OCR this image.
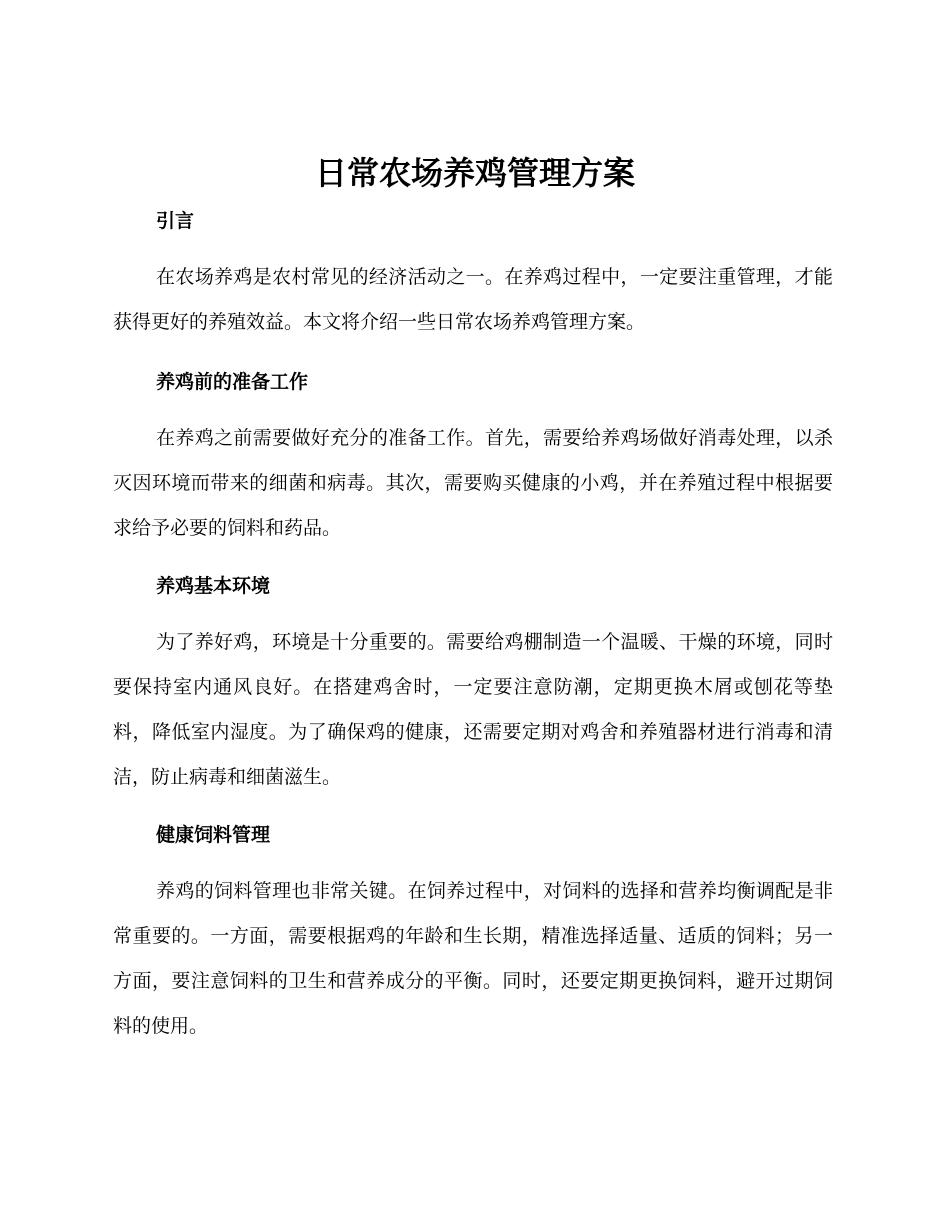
日常农场养鸡管理方案
引言

在农场养鸡是农村常见的经济活动之一。在养鸡过程中，一定要注重管理，才能获得更好的养殖效益。本文将介绍一些日常农场养鸡管理方案。

养鸡前的准备工作

在养鸡之前需要做好充分的准备工作。首先，需要给养鸡场做好消毒处理，以杀灭因环境而带来的细菌和病毒。其次，需要购买健康的小鸡，并在养殖过程中根据要求给予必要的饲料和药品。

养鸡基本环境

为了养好鸡，环境是十分重要的。需要给鸡棚制造一个温暖、干燥的环境，同时要保持室内通风良好。在搭建鸡舍时，一定要注意防潮，定期更换木屑或刨花等垫料，降低室内湿度。为了确保鸡的健康，还需要定期对鸡舍和养殖器材进行消毒和清洁，防止病毒和细菌滋生。

健康饲料管理

养鸡的饲料管理也非常关键。在饲养过程中，对饲料的选择和营养均衡调配是非常重要的。一方面，需要根据鸡的年龄和生长期，精准选择适量、适质的饲料；另一方面，要注意饲料的卫生和营养成分的平衡。同时，还要定期更换饲料，避开过期饲料的使用。
